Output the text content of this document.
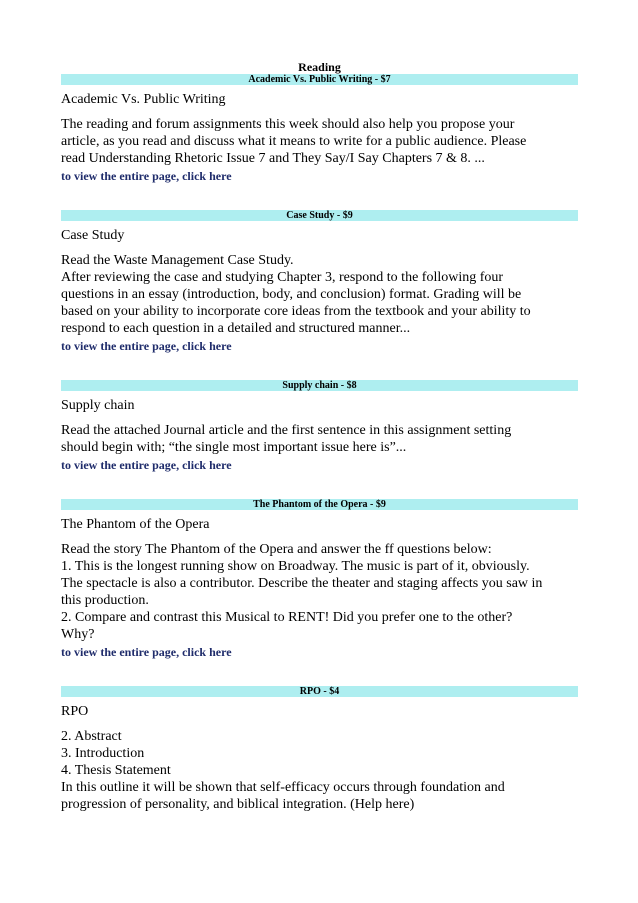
Reading

Academic Vs. Public Writing - $7

Academic Vs. Public Writing

The reading and forum assignments this week should also help you propose your
article, as you read and discuss what it means to write for a public audience. Please
read Understanding Rhetoric Issue 7 and They Say/I Say Chapters 7 & 8. ...

to view the entire page, click here
Case Study - $9

Case Study

Read the Waste Management Case Study.
After reviewing the case and studying Chapter 3, respond to the following four
questions in an essay (introduction, body, and conclusion) format. Grading will be
based on your ability to incorporate core ideas from the textbook and your ability to
respond to each question in a detailed and structured manner...

to view the entire page, click here
Supply chain - $8

Supply chain

Read the attached Journal article and the first sentence in this assignment setting
should begin with; “the single most important issue here is”...

to view the entire page, click here
The Phantom of the Opera - $9

The Phantom of the Opera

Read the story The Phantom of the Opera and answer the ff questions below:
1. This is the longest running show on Broadway. The music is part of it, obviously.
The spectacle is also a contributor. Describe the theater and staging affects you saw in
this production.
2. Compare and contrast this Musical to RENT! Did you prefer one to the other?
Why?

to view the entire page, click here
RPO - $4

RPO

2. Abstract
3. Introduction
4. Thesis Statement
In this outline it will be shown that self-efficacy occurs through foundation and
progression of personality, and biblical integration. (Help here)
